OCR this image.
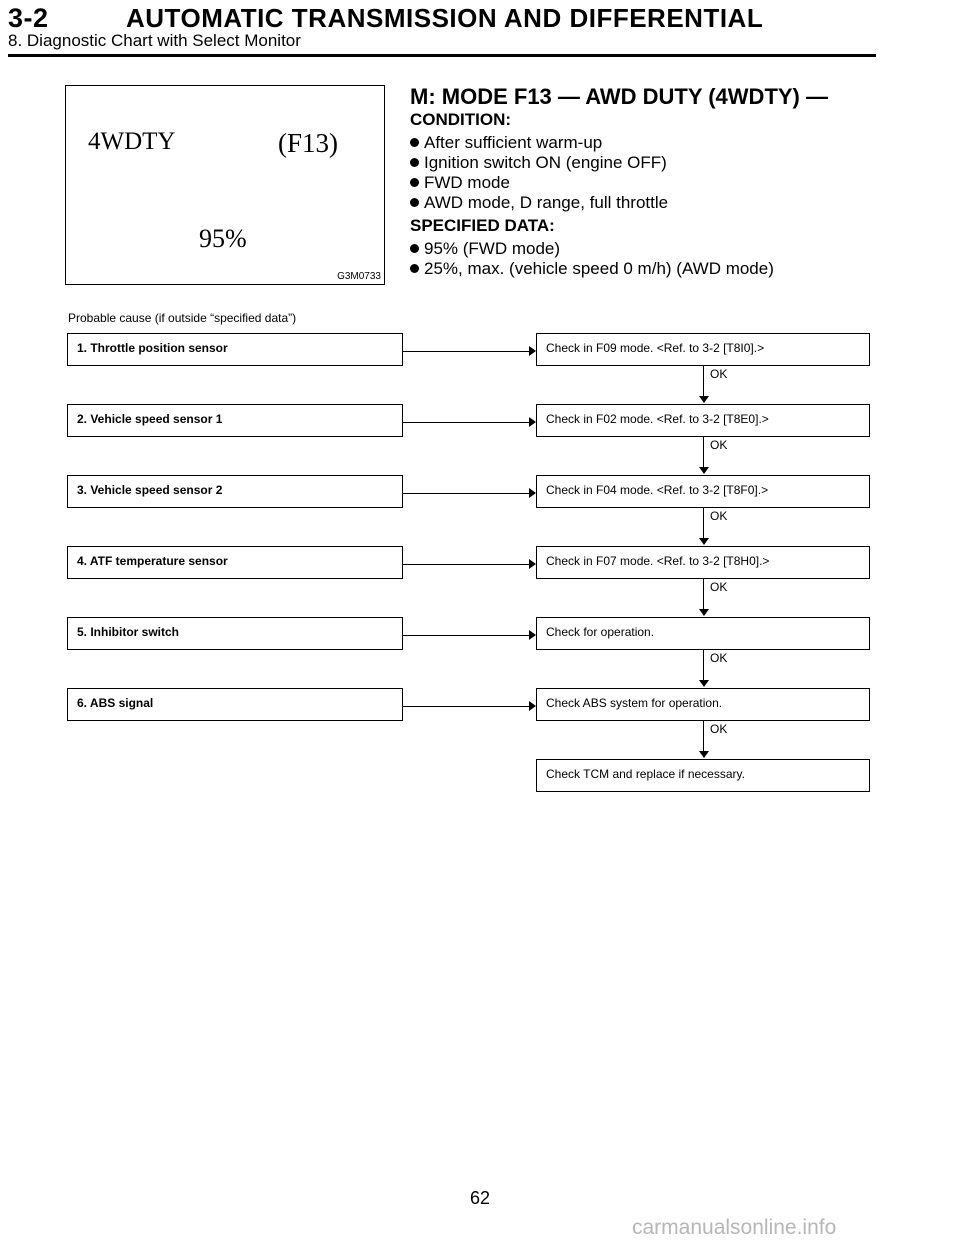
3-2	AUTOMATIC TRANSMISSION AND DIFFERENTIAL
8. Diagnostic Chart with Select Monitor
4WDTY	(F13)
95%
G3M0733
M: MODE F13 — AWD DUTY (4WDTY) —
CONDITION:
After sufficient warm-up
Ignition switch ON (engine OFF)
FWD mode
AWD mode, D range, full throttle
SPECIFIED DATA:
95% (FWD mode)
25%, max. (vehicle speed 0 m/h) (AWD mode)
Probable cause (if outside “specified data”)
1. Throttle position sensor	Check in F09 mode. <Ref. to 3-2 [T8I0].>
OK
2. Vehicle speed sensor 1	Check in F02 mode. <Ref. to 3-2 [T8E0].>
OK
3. Vehicle speed sensor 2	Check in F04 mode. <Ref. to 3-2 [T8F0].>
OK
4. ATF temperature sensor	Check in F07 mode. <Ref. to 3-2 [T8H0].>
OK
5. Inhibitor switch	Check for operation.
OK
6. ABS signal	Check ABS system for operation.
OK
Check TCM and replace if necessary.
62
carmanualsonline.info
